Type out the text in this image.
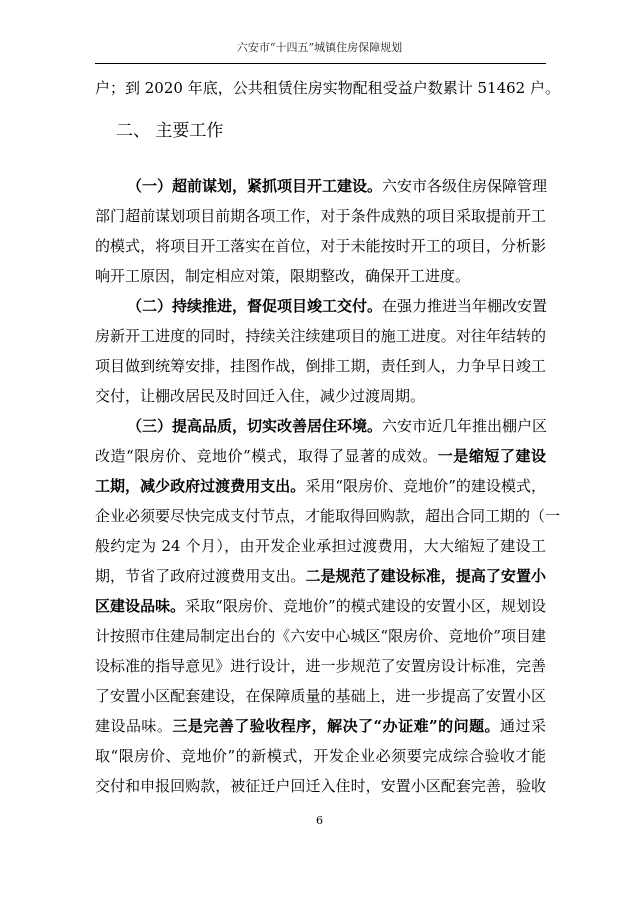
六安市“十四五”城镇住房保障规划
户；到 2020 年底，公共租赁住房实物配租受益户数累计 51462 户。
二、 主要工作
（一）超前谋划，紧抓项目开工建设。六安市各级住房保障管理
部门超前谋划项目前期各项工作，对于条件成熟的项目采取提前开工
的模式，将项目开工落实在首位，对于未能按时开工的项目，分析影
响开工原因，制定相应对策，限期整改，确保开工进度。
（二）持续推进，督促项目竣工交付。在强力推进当年棚改安置
房新开工进度的同时，持续关注续建项目的施工进度。对往年结转的
项目做到统筹安排，挂图作战，倒排工期，责任到人，力争早日竣工
交付，让棚改居民及时回迁入住，减少过渡周期。
（三）提高品质，切实改善居住环境。六安市近几年推出棚户区
改造“限房价、竞地价”模式，取得了显著的成效。一是缩短了建设
工期，减少政府过渡费用支出。采用“限房价、竞地价”的建设模式，
企业必须要尽快完成支付节点，才能取得回购款，超出合同工期的（一
般约定为 24 个月），由开发企业承担过渡费用，大大缩短了建设工
期，节省了政府过渡费用支出。二是规范了建设标准，提高了安置小
区建设品味。采取“限房价、竞地价”的模式建设的安置小区，规划设
计按照市住建局制定出台的《六安中心城区“限房价、竞地价”项目建
设标准的指导意见》进行设计，进一步规范了安置房设计标准，完善
了安置小区配套建设，在保障质量的基础上，进一步提高了安置小区
建设品味。三是完善了验收程序，解决了“办证难”的问题。通过采
取“限房价、竞地价”的新模式，开发企业必须要完成综合验收才能
交付和申报回购款，被征迁户回迁入住时，安置小区配套完善，验收
6
